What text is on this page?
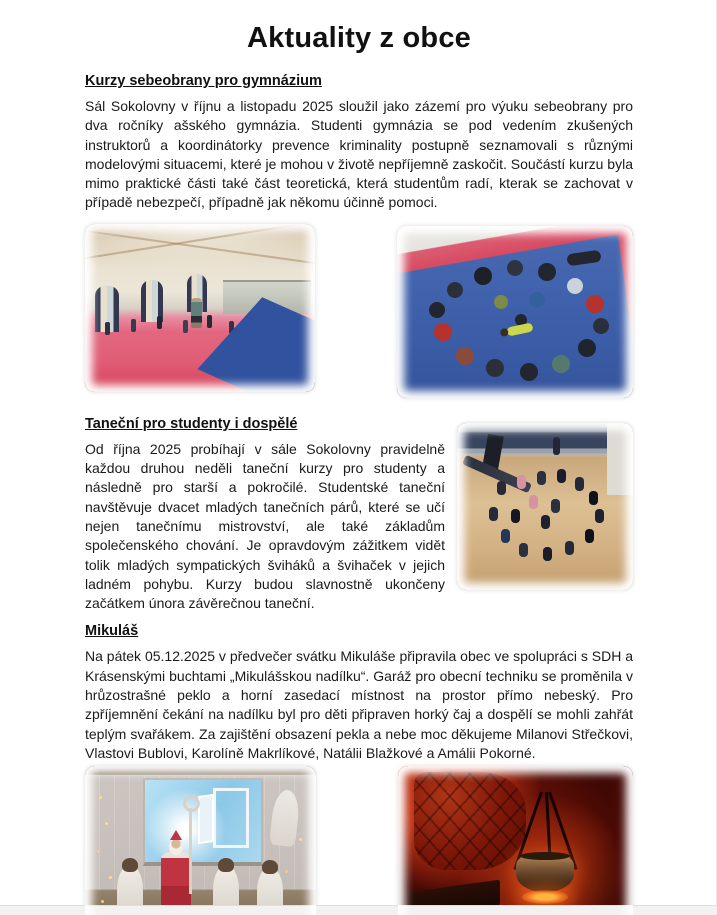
Aktuality z obce
Kurzy sebeobrany pro gymnázium
Sál Sokolovny v říjnu a listopadu 2025 sloužil jako zázemí pro výuku sebeobrany pro dva ročníky ašského gymnázia. Studenti gymnázia se pod vedením zkušených instruktorů a koordinátorky prevence kriminality postupně seznamovali s různými modelovými situacemi, které je mohou v životě nepříjemně zaskočit. Součástí kurzu byla mimo praktické části také část teoretická, která studentům radí, kterak se zachovat v případě nebezpečí, případně jak někomu účinně pomoci.
Taneční pro studenty i dospělé
Od října 2025 probíhají v sále Sokolovny pravidelně každou druhou neděli taneční kurzy pro studenty a následně pro starší a pokročilé. Studentské taneční navštěvuje dvacet mladých tanečních párů, které se učí nejen tanečnímu mistrovství, ale také základům společenského chování. Je opravdovým zážitkem vidět tolik mladých sympatických šviháků a švihaček v jejich ladném pohybu. Kurzy budou slavnostně ukončeny začátkem února závěrečnou taneční.
Mikuláš
Na pátek 05.12.2025 v předvečer svátku Mikuláše připravila obec ve spolupráci s SDH a Krásenskými buchtami „Mikulášskou nadílku“. Garáž pro obecní techniku se proměnila v hrůzostrašné peklo a horní zasedací místnost na prostor přímo nebeský. Pro zpříjemnění čekání na nadílku byl pro děti připraven horký čaj a dospělí se mohli zahřát teplým svařákem. Za zajištění obsazení pekla a nebe moc děkujeme Milanovi Střečkovi, Vlastovi Bublovi, Karolíně Makrlíkové, Natálii Blažkové a Amálii Pokorné.
